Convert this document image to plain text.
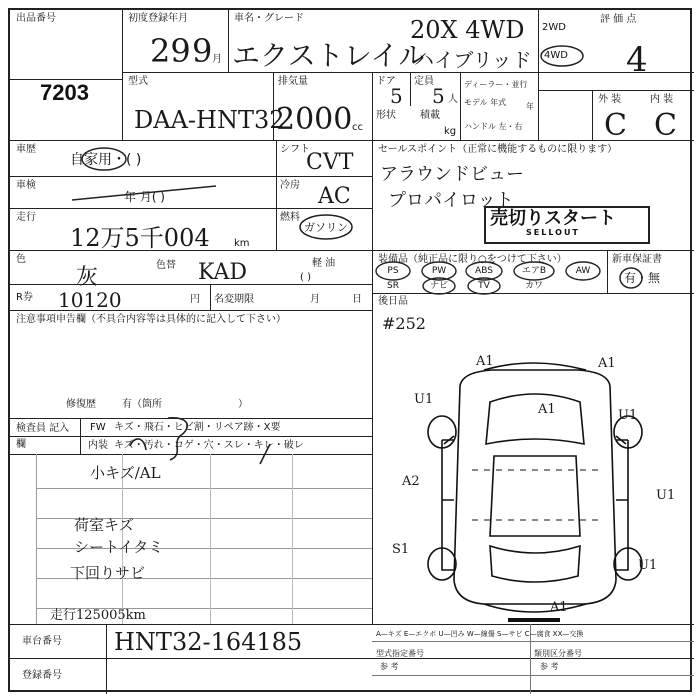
出品番号
7203
初度登録年月
29 9 月
車名・グレード
エクストレイル
20X 4WD
ハイブリッド
2WD
4WD
評 価 点
4
外 装	内 装
C C
型式
DAA-HNT32
排気量
2000 cc
ドア
5
定員
5 人
形状 積載
kg
ディーラー・並行
モデル 年式 年
ハンドル 左・右
車歴
自家用・( )
シフト
CVT
セールスポイント（正常に機能するものに限ります）
アラウンドビュー
プロパイロット
車検
年 月( )
冷房 AC
走行
12万5千004 km
燃料
ガソリン
軽 油
( )
売切りスタート
SELLOUT
色
灰	色替 KAD
装備品（純正品に限り○をつけて下さい）	新車保証書
有・無
PS	PW	ABS	エアB	AW
SR	ナビ	TV	カワ
R券 10120	円 名変期限	月	日 後日品
#252
注意事項申告欄（不具合内容等は具体的に記入して下さい）
修復歴	有（箇所	）
検査員 記入欄
FW キズ・飛石・ヒビ割・リペア跡・X要
内装 キズ・汚れ・コゲ・穴・スレ・キレ・破レ
小キズ/AL
荷室キズ
シートイタミ
下回りサビ
走行125005km
A1	A1
U1
A1	U1
A2
U1
S1
U1
A1
車台番号 HNT32-164185
登録番号
A—キズ E—エクボ U—凹み W—線傷 S—サビ C—腐食 XX—交換
型式指定番号
参 考
類別区分番号
参 考
